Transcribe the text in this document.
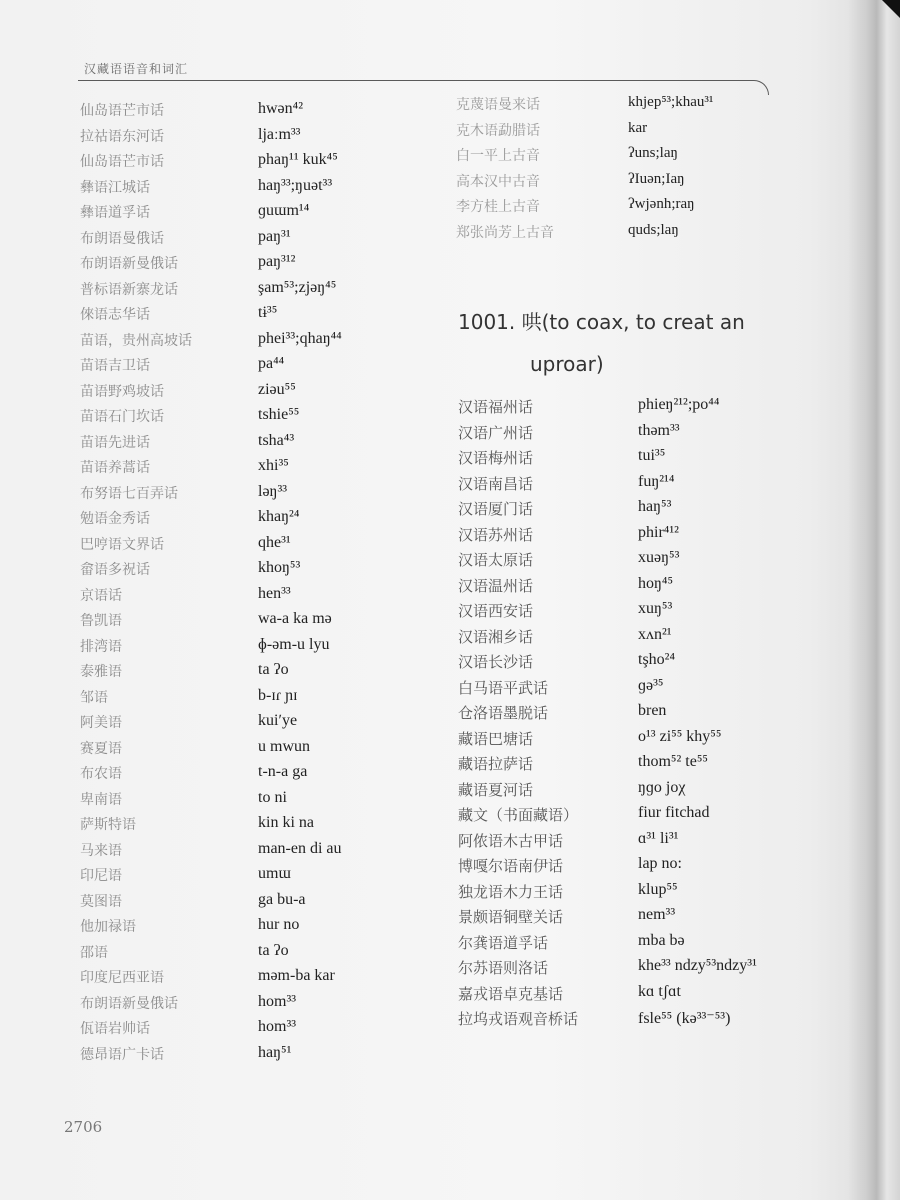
汉藏语语音和词汇
仙岛语芒市话	hwən⁴²
拉祜语东河话	ljaːm³³
仙岛语芒市话	phaŋ¹¹ kuk⁴⁵
彝语江城话	haŋ³³;ŋuət³³
彝语道孚话	ɡuɯm¹⁴
布朗语曼俄话	paŋ³¹
布朗语新曼俄话	paŋ³¹²
普标语新寨龙话	şam⁵³;zjəŋ⁴⁵
倈语志华话	tɨ³⁵
苗语，贵州高坡话	phei³³;qhaŋ⁴⁴
苗语吉卫话	pa⁴⁴
苗语野鸡坡话	ziəu⁵⁵
苗语石门坎话	tshie⁵⁵
苗语先进话	tsha⁴³
苗语养蒿话	xhi³⁵
布努语七百弄话	ləŋ³³
勉语金秀话	khaŋ²⁴
巴哼语文界话	qhe³¹
畲语多祝话	khoŋ⁵³
京语话	hen³³
鲁凯语	wa-a ka mə
排湾语	ɸ-əm-u lyu
泰雅语	ta ʔo
邹语	b-ɪɾ ɲɪ
阿美语	kuiʹye
赛夏语	u mwun
布农语	t-n-a ga
卑南语	to ni
萨斯特语	kin ki na
马来语	man-en di au
印尼语	umɯ
莫图语	ga bu-a
他加禄语	hur no
邵语	ta ʔo
印度尼西亚语	məm-ba kar
布朗语新曼俄话	hom³³
佤语岩帅话	hom³³
德昂语广卡话	haŋ⁵¹
克蔑语曼来话	khjep⁵³;khau³¹
克木语勐腊话	kar
白一平上古音	ʔuns;laŋ
高本汉中古音	ʔIuən;Iaŋ
李方桂上古音	ʔwjənh;raŋ
郑张尚芳上古音	quds;laŋ
1001. 哄(to coax, to creat an
uproar)
汉语福州话	phieŋ²¹²;po⁴⁴
汉语广州话	thəm³³
汉语梅州话	tui³⁵
汉语南昌话	fuŋ²¹⁴
汉语厦门话	haŋ⁵³
汉语苏州话	phir⁴¹²
汉语太原话	xuəŋ⁵³
汉语温州话	hoŋ⁴⁵
汉语西安话	xuŋ⁵³
汉语湘乡话	xʌn²¹
汉语长沙话	tşho²⁴
白马语平武话	ɡə³⁵
仓洛语墨脱话	bren
藏语巴塘话	o¹³ zi⁵⁵ khy⁵⁵
藏语拉萨话	thom⁵² te⁵⁵
藏语夏河话	ŋɡo joχ
藏文（书面藏语）	fiur fitchad
阿侬语木古甲话	ɑ³¹ li³¹
博嘎尔语南伊话	lap no:
独龙语木力王话	klup⁵⁵
景颇语铜壁关话	nem³³
尔龚语道孚话	mba bə
尔苏语则洛话	khe³³ ndzy⁵³ndzy³¹
嘉戎语卓克基话	kɑ tʃɑt
拉坞戎语观音桥话	fsle⁵⁵ (kə³³⁻⁵³)
2706
